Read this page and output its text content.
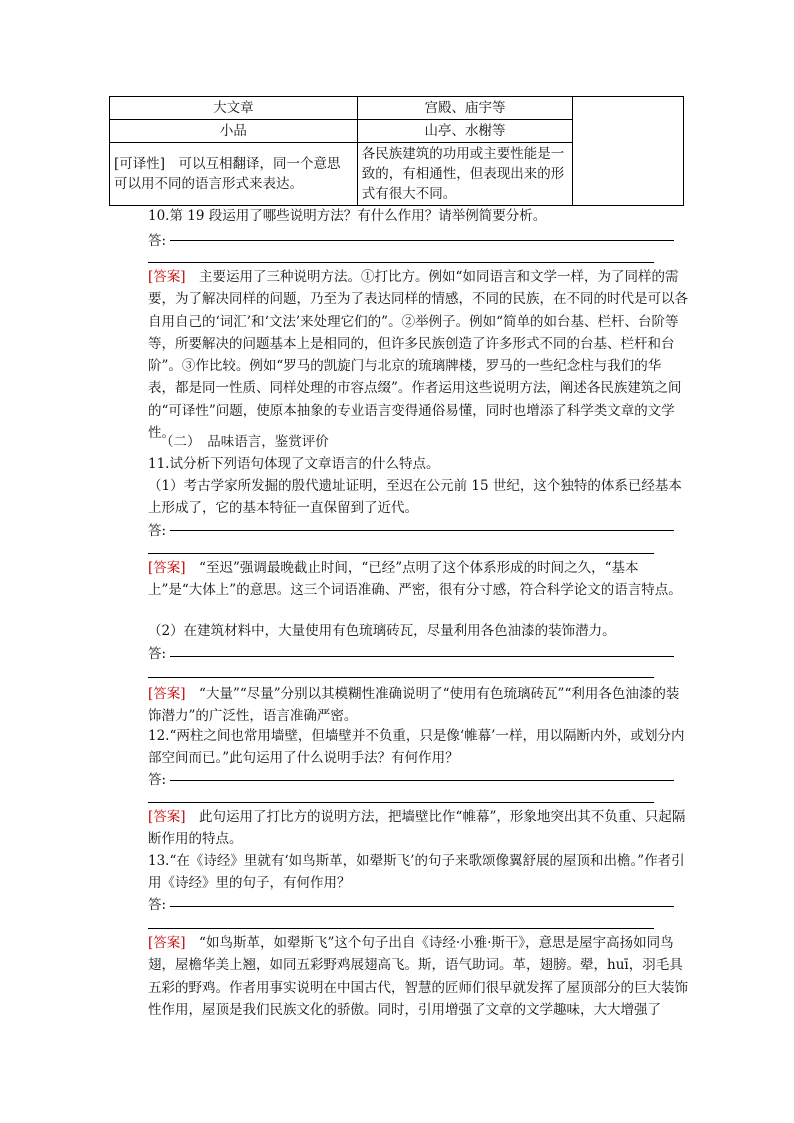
大文章	宫殿、庙宇等	
小品	山亭、水榭等	
[可译性]　可以互相翻译，同一个意思可以用不同的语言形式来表达。	各民族建筑的功用或主要性能是一致的，有相通性，但表现出来的形式有很大不同。	
10.第 19 段运用了哪些说明方法？有什么作用？请举例简要分析。
答:

[答案]　 主要运用了三种说明方法。①打比方。例如“如同语言和文学一样，为了同样的需要，为了解决同样的问题，乃至为了表达同样的情感，不同的民族，在不同的时代是可以各自用自己的‘词汇’和‘文法’来处理它们的”。②举例子。例如“简单的如台基、栏杆、台阶等等，所要解决的问题基本上是相同的，但许多民族创造了许多形式不同的台基、栏杆和台阶”。③作比较。例如“罗马的凯旋门与北京的琉璃牌楼，罗马的一些纪念柱与我们的华表，都是同一性质、同样处理的市容点缀”。作者运用这些说明方法，阐述各民族建筑之间的“可译性”问题，使原本抽象的专业语言变得通俗易懂，同时也增添了科学类文章的文学性。

（二）　品味语言，鉴赏评价
11.试分析下列语句体现了文章语言的什么特点。

（1）考古学家所发掘的殷代遗址证明，至迟在公元前 15 世纪，这个独特的体系已经基本上形成了，它的基本特征一直保留到了近代。

答:

[答案]　 “至迟”强调最晚截止时间，“已经”点明了这个体系形成的时间之久，“基本上”是“大体上”的意思。这三个词语准确、严密，很有分寸感，符合科学论文的语言特点。

（2）在建筑材料中，大量使用有色琉璃砖瓦，尽量利用各色油漆的装饰潜力。
答:

[答案]　 “大量”“尽量”分别以其模糊性准确说明了“使用有色琉璃砖瓦”“利用各色油漆的装饰潜力”的广泛性，语言准确严密。

12.“两柱之间也常用墙壁，但墙壁并不负重，只是像‘帷幕’一样，用以隔断内外，或划分内部空间而已。”此句运用了什么说明手法？有何作用？

答:

[答案]　 此句运用了打比方的说明方法，把墙壁比作“帷幕”，形象地突出其不负重、只起隔断作用的特点。

13.“在《诗经》里就有‘如鸟斯革，如翚斯飞’的句子来歌颂像翼舒展的屋顶和出檐。”作者引用《诗经》里的句子，有何作用？

答:

[答案]　 “如鸟斯革，如翚斯飞”这个句子出自《诗经·小雅·斯干》，意思是屋宇高扬如同鸟翅，屋檐华美上翘，如同五彩野鸡展翅高飞。斯，语气助词。革，翅膀。翚，huī，羽毛具五彩的野鸡。作者用事实说明在中国古代，智慧的匠师们很早就发挥了屋顶部分的巨大装饰性作用，屋顶是我们民族文化的骄傲。同时，引用增强了文章的文学趣味，大大增强了
